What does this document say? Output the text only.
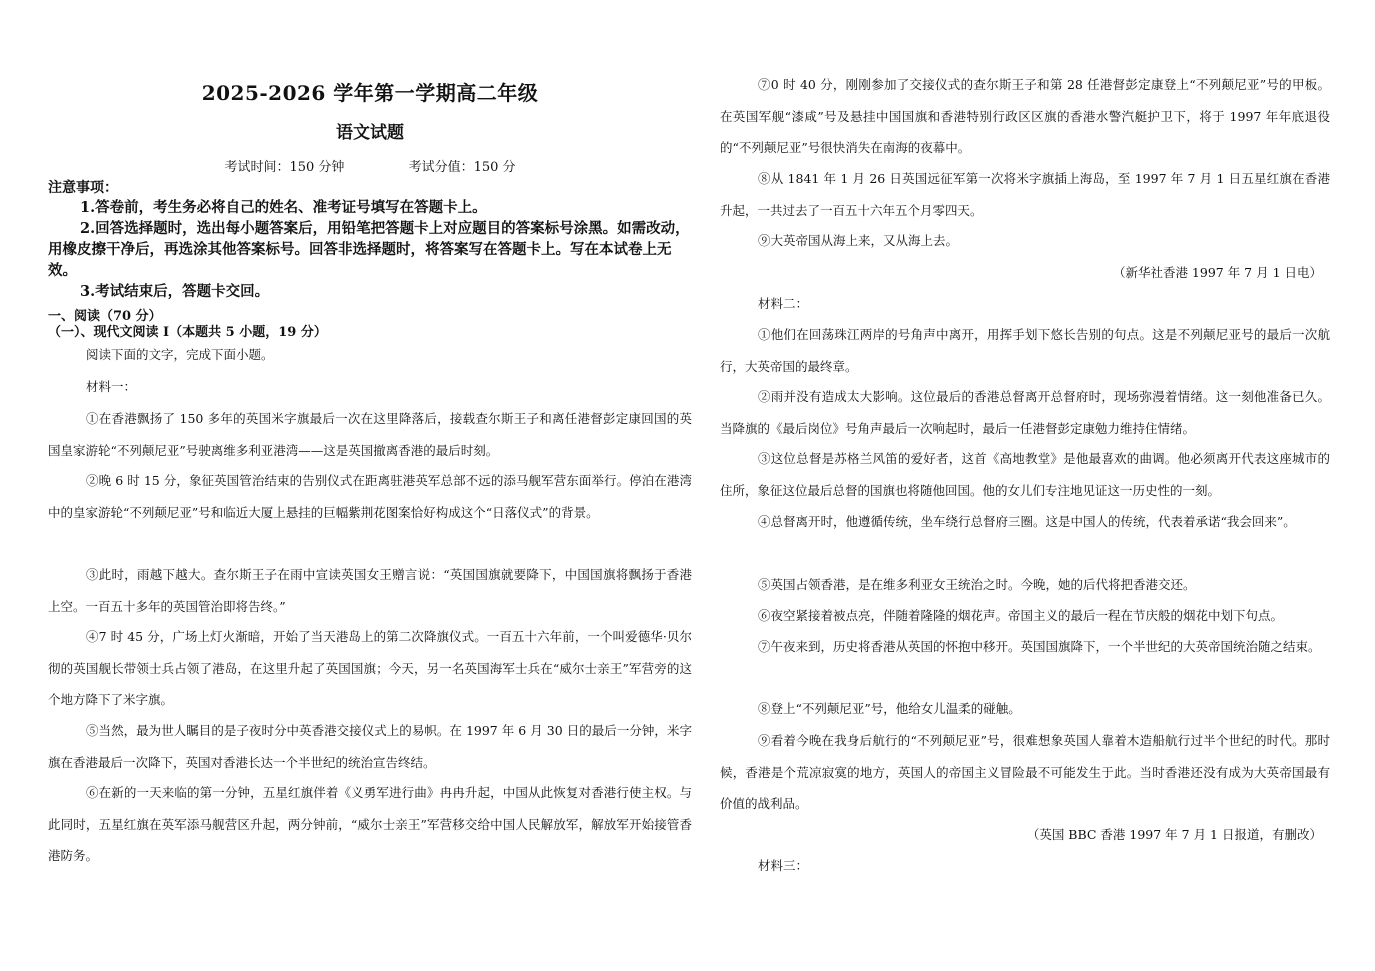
2025-2026 学年第一学期高二年级
语文试题
考试时间：150 分钟	考试分值：150 分
注意事项：
1.答卷前，考生务必将自己的姓名、准考证号填写在答题卡上。
2.回答选择题时，选出每小题答案后，用铅笔把答题卡上对应题目的答案标号涂黑。如需改动，用橡皮擦干净后，再选涂其他答案标号。回答非选择题时，将答案写在答题卡上。写在本试卷上无效。
3.考试结束后，答题卡交回。
一、阅读（70 分）
（一）、现代文阅读 I（本题共 5 小题，19 分）
阅读下面的文字，完成下面小题。
材料一：
①在香港飘扬了 150 多年的英国米字旗最后一次在这里降落后，接载查尔斯王子和离任港督彭定康回国的英国皇家游轮“不列颠尼亚”号驶离维多利亚港湾——这是英国撤离香港的最后时刻。
②晚 6 时 15 分，象征英国管治结束的告别仪式在距离驻港英军总部不远的添马舰军营东面举行。停泊在港湾中的皇家游轮“不列颠尼亚”号和临近大厦上悬挂的巨幅紫荆花图案恰好构成这个“日落仪式”的背景。
③此时，雨越下越大。查尔斯王子在雨中宣读英国女王赠言说：“英国国旗就要降下，中国国旗将飘扬于香港上空。一百五十多年的英国管治即将告终。”
④7 时 45 分，广场上灯火渐暗，开始了当天港岛上的第二次降旗仪式。一百五十六年前，一个叫爱德华·贝尔彻的英国舰长带领士兵占领了港岛，在这里升起了英国国旗；今天，另一名英国海军士兵在“威尔士亲王”军营旁的这个地方降下了米字旗。
⑤当然，最为世人瞩目的是子夜时分中英香港交接仪式上的易帜。在 1997 年 6 月 30 日的最后一分钟，米字旗在香港最后一次降下，英国对香港长达一个半世纪的统治宣告终结。
⑥在新的一天来临的第一分钟，五星红旗伴着《义勇军进行曲》冉冉升起，中国从此恢复对香港行使主权。与此同时，五星红旗在英军添马舰营区升起，两分钟前，“威尔士亲王”军营移交给中国人民解放军，解放军开始接管香港防务。
⑦0 时 40 分，刚刚参加了交接仪式的查尔斯王子和第 28 任港督彭定康登上“不列颠尼亚”号的甲板。在英国军舰“漆咸”号及悬挂中国国旗和香港特别行政区区旗的香港水警汽艇护卫下，将于 1997 年年底退役的“不列颠尼亚”号很快消失在南海的夜幕中。
⑧从 1841 年 1 月 26 日英国远征军第一次将米字旗插上海岛，至 1997 年 7 月 1 日五星红旗在香港升起，一共过去了一百五十六年五个月零四天。
⑨大英帝国从海上来，又从海上去。
（新华社香港 1997 年 7 月 1 日电）
材料二：
①他们在回荡珠江两岸的号角声中离开，用挥手划下悠长告别的句点。这是不列颠尼亚号的最后一次航行，大英帝国的最终章。
②雨并没有造成太大影响。这位最后的香港总督离开总督府时，现场弥漫着情绪。这一刻他准备已久。当降旗的《最后岗位》号角声最后一次响起时，最后一任港督彭定康勉力维持住情绪。
③这位总督是苏格兰风笛的爱好者，这首《高地教堂》是他最喜欢的曲调。他必须离开代表这座城市的住所，象征这位最后总督的国旗也将随他回国。他的女儿们专注地见证这一历史性的一刻。
④总督离开时，他遵循传统，坐车绕行总督府三圈。这是中国人的传统，代表着承诺“我会回来”。
⑤英国占领香港，是在维多利亚女王统治之时。今晚，她的后代将把香港交还。
⑥夜空紧接着被点亮，伴随着隆隆的烟花声。帝国主义的最后一程在节庆般的烟花中划下句点。
⑦午夜来到，历史将香港从英国的怀抱中移开。英国国旗降下，一个半世纪的大英帝国统治随之结束。
⑧登上“不列颠尼亚”号，他给女儿温柔的碰触。
⑨看着今晚在我身后航行的“不列颠尼亚”号，很难想象英国人靠着木造船航行过半个世纪的时代。那时候，香港是个荒凉寂寞的地方，英国人的帝国主义冒险最不可能发生于此。当时香港还没有成为大英帝国最有价值的战利品。
（英国 BBC 香港 1997 年 7 月 1 日报道，有删改）
材料三：
